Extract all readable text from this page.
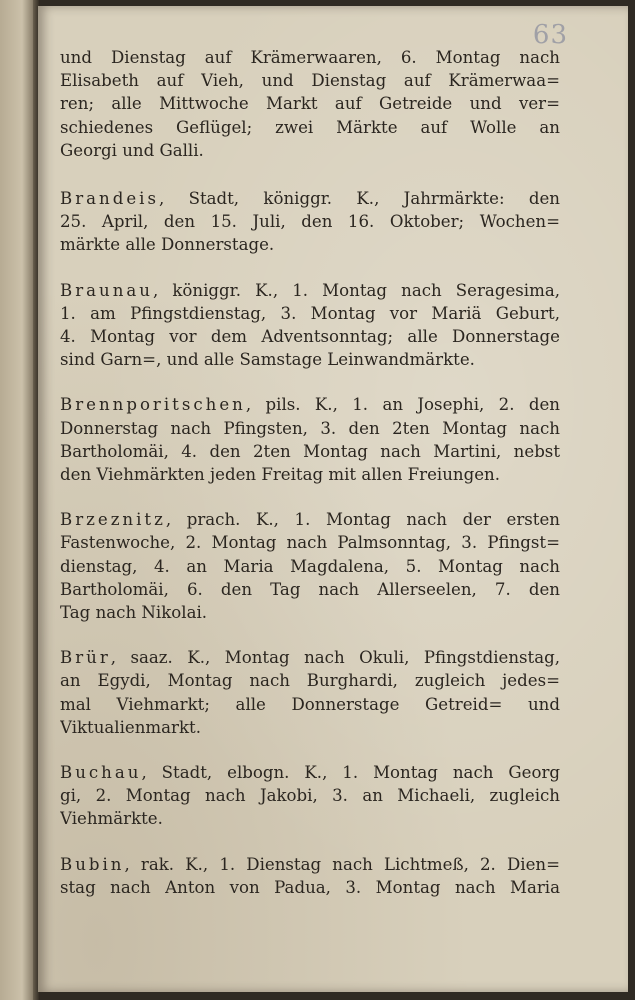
63
und Dienstag auf Krämerwaaren, 6. Montag nach
Elisabeth auf Vieh, und Dienstag auf Krämerwaa=
ren; alle Mittwoche Markt auf Getreide und ver=
schiedenes Geflügel; zwei Märkte auf Wolle an
Georgi und Galli.
Brandeis, Stadt, königgr. K., Jahrmärkte: den
25. April, den 15. Juli, den 16. Oktober; Wochen=
märkte alle Donnerstage.
Braunau, königgr. K., 1. Montag nach Seragesima,
1. am Pfingstdienstag, 3. Montag vor Mariä Geburt,
4. Montag vor dem Adventsonntag; alle Donnerstage
sind Garn=, und alle Samstage Leinwandmärkte.
Brennporitschen, pils. K., 1. an Josephi, 2. den
Donnerstag nach Pfingsten, 3. den 2ten Montag nach
Bartholomäi, 4. den 2ten Montag nach Martini, nebst
den Viehmärkten jeden Freitag mit allen Freiungen.
Brzeznitz, prach. K., 1. Montag nach der ersten
Fastenwoche, 2. Montag nach Palmsonntag, 3. Pfingst=
dienstag, 4. an Maria Magdalena, 5. Montag nach
Bartholomäi, 6. den Tag nach Allerseelen, 7. den
Tag nach Nikolai.
Brür, saaz. K., Montag nach Okuli, Pfingstdienstag,
an Egydi, Montag nach Burghardi, zugleich jedes=
mal Viehmarkt; alle Donnerstage Getreid= und
Viktualienmarkt.
Buchau, Stadt, elbogn. K., 1. Montag nach Georg
gi, 2. Montag nach Jakobi, 3. an Michaeli, zugleich
Viehmärkte.
Bubin, rak. K., 1. Dienstag nach Lichtmeß, 2. Dien=
stag nach Anton von Padua, 3. Montag nach Maria
